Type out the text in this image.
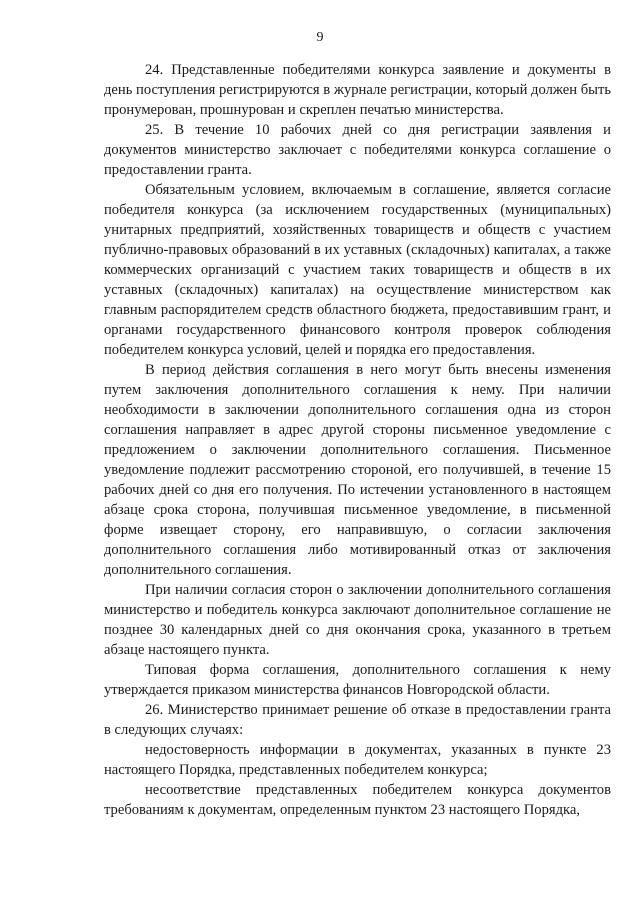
9

24. Представленные победителями конкурса заявление и документы в день поступления регистрируются в журнале регистрации, который должен быть пронумерован, прошнурован и скреплен печатью министерства.

25. В течение 10 рабочих дней со дня регистрации заявления и документов министерство заключает с победителями конкурса соглашение о предоставлении гранта.

Обязательным условием, включаемым в соглашение, является согласие победителя конкурса (за исключением государственных (муниципальных) унитарных предприятий, хозяйственных товариществ и обществ с участием публично-правовых образований в их уставных (складочных) капиталах, а также коммерческих организаций с участием таких товариществ и обществ в их уставных (складочных) капиталах) на осуществление министерством как главным распорядителем средств областного бюджета, предоставившим грант, и органами государственного финансового контроля проверок соблюдения победителем конкурса условий, целей и порядка его предоставления.

В период действия соглашения в него могут быть внесены изменения путем заключения дополнительного соглашения к нему. При наличии необходимости в заключении дополнительного соглашения одна из сторон соглашения направляет в адрес другой стороны письменное уведомление с предложением о заключении дополнительного соглашения. Письменное уведомление подлежит рассмотрению стороной, его получившей, в течение 15 рабочих дней со дня его получения. По истечении установленного в настоящем абзаце срока сторона, получившая письменное уведомление, в письменной форме извещает сторону, его направившую, о согласии заключения дополнительного соглашения либо мотивированный отказ от заключения дополнительного соглашения.

При наличии согласия сторон о заключении дополнительного соглашения министерство и победитель конкурса заключают дополнительное соглашение не позднее 30 календарных дней со дня окончания срока, указанного в третьем абзаце настоящего пункта.

Типовая форма соглашения, дополнительного соглашения к нему утверждается приказом министерства финансов Новгородской области.

26. Министерство принимает решение об отказе в предоставлении гранта в следующих случаях:

недостоверность информации в документах, указанных в пункте 23 настоящего Порядка, представленных победителем конкурса;

несоответствие представленных победителем конкурса документов требованиям к документам, определенным пунктом 23 настоящего Порядка,
